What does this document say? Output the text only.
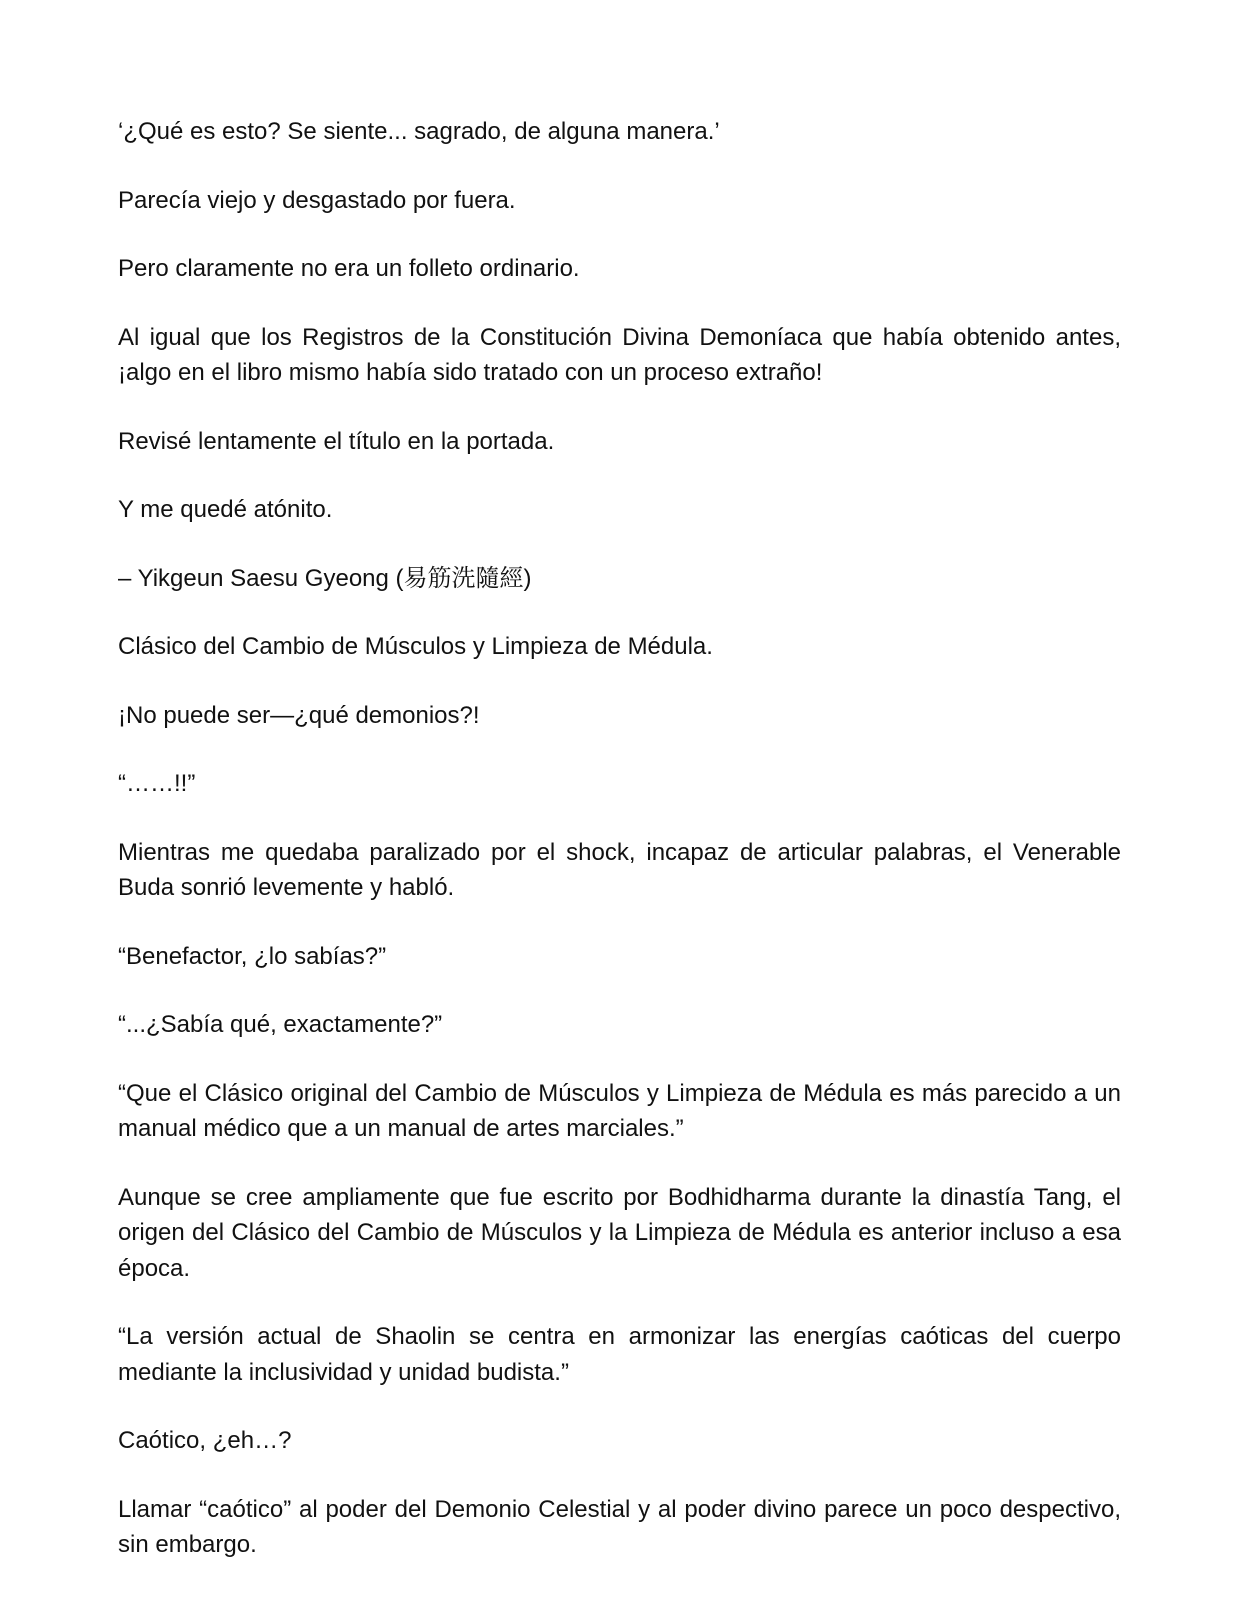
‘¿Qué es esto? Se siente... sagrado, de alguna manera.’

Parecía viejo y desgastado por fuera.

Pero claramente no era un folleto ordinario.

Al igual que los Registros de la Constitución Divina Demoníaca que había obtenido antes, ¡algo en el libro mismo había sido tratado con un proceso extraño!

Revisé lentamente el título en la portada.

Y me quedé atónito.

– Yikgeun Saesu Gyeong (易筋洗隨經)

Clásico del Cambio de Músculos y Limpieza de Médula.

¡No puede ser—¿qué demonios?!

“……!!”

Mientras me quedaba paralizado por el shock, incapaz de articular palabras, el Venerable Buda sonrió levemente y habló.

“Benefactor, ¿lo sabías?”

“...¿Sabía qué, exactamente?”

“Que el Clásico original del Cambio de Músculos y Limpieza de Médula es más parecido a un manual médico que a un manual de artes marciales.”

Aunque se cree ampliamente que fue escrito por Bodhidharma durante la dinastía Tang, el origen del Clásico del Cambio de Músculos y la Limpieza de Médula es anterior incluso a esa época.

“La versión actual de Shaolin se centra en armonizar las energías caóticas del cuerpo mediante la inclusividad y unidad budista.”

Caótico, ¿eh…?

Llamar “caótico” al poder del Demonio Celestial y al poder divino parece un poco despectivo, sin embargo.
